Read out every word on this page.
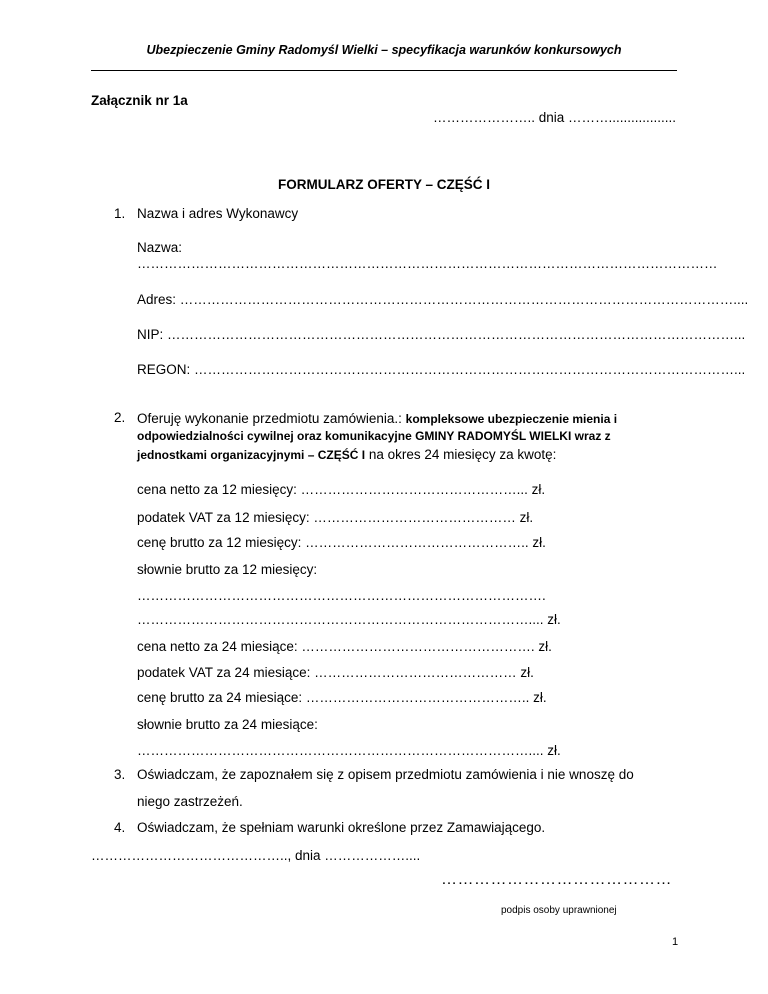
Ubezpieczenie Gminy Radomyśl Wielki – specyfikacja warunków konkursowych
Załącznik nr 1a
………………….. dnia ………..................
FORMULARZ OFERTY – CZĘŚĆ I
1. Nazwa i adres Wykonawcy
Nazwa:
…………………………………………………………………………………………………………………
Adres: ……………………………………………………………………………………………………………....
NIP: ………………………………………………………………………………………………………………...
REGON: …………………………………………………………………………………………………………...
2. Oferuję wykonanie przedmiotu zamówienia.: kompleksowe ubezpieczenie mienia i
odpowiedzialności cywilnej oraz komunikacyjne GMINY RADOMYŚL WIELKI wraz z
jednostkami organizacyjnymi – CZĘŚĆ I na okres 24 miesięcy za kwotę:
cena netto za 12 miesięcy: …………………………………………... zł.
podatek VAT za 12 miesięcy: ……………………………………… zł.
cenę brutto za 12 miesięcy: ………………………………………….. zł.
słownie brutto za 12 miesięcy:
……………………………………………………………………………….
…………………………………………………………………………….... zł.
cena netto za 24 miesiące: ……………………………………………. zł.
podatek VAT za 24 miesiące: ……………………………………… zł.
cenę brutto za 24 miesiące: ………………………………………….. zł.
słownie brutto za 24 miesiące:
…………………………………………………………………………….... zł.
3. Oświadczam, że zapoznałem się z opisem przedmiotu zamówienia i nie wnoszę do
niego zastrzeżeń.
4. Oświadczam, że spełniam warunki określone przez Zamawiającego.
…………………………………….., dnia ………………....
……………………………………
podpis osoby uprawnionej
1
